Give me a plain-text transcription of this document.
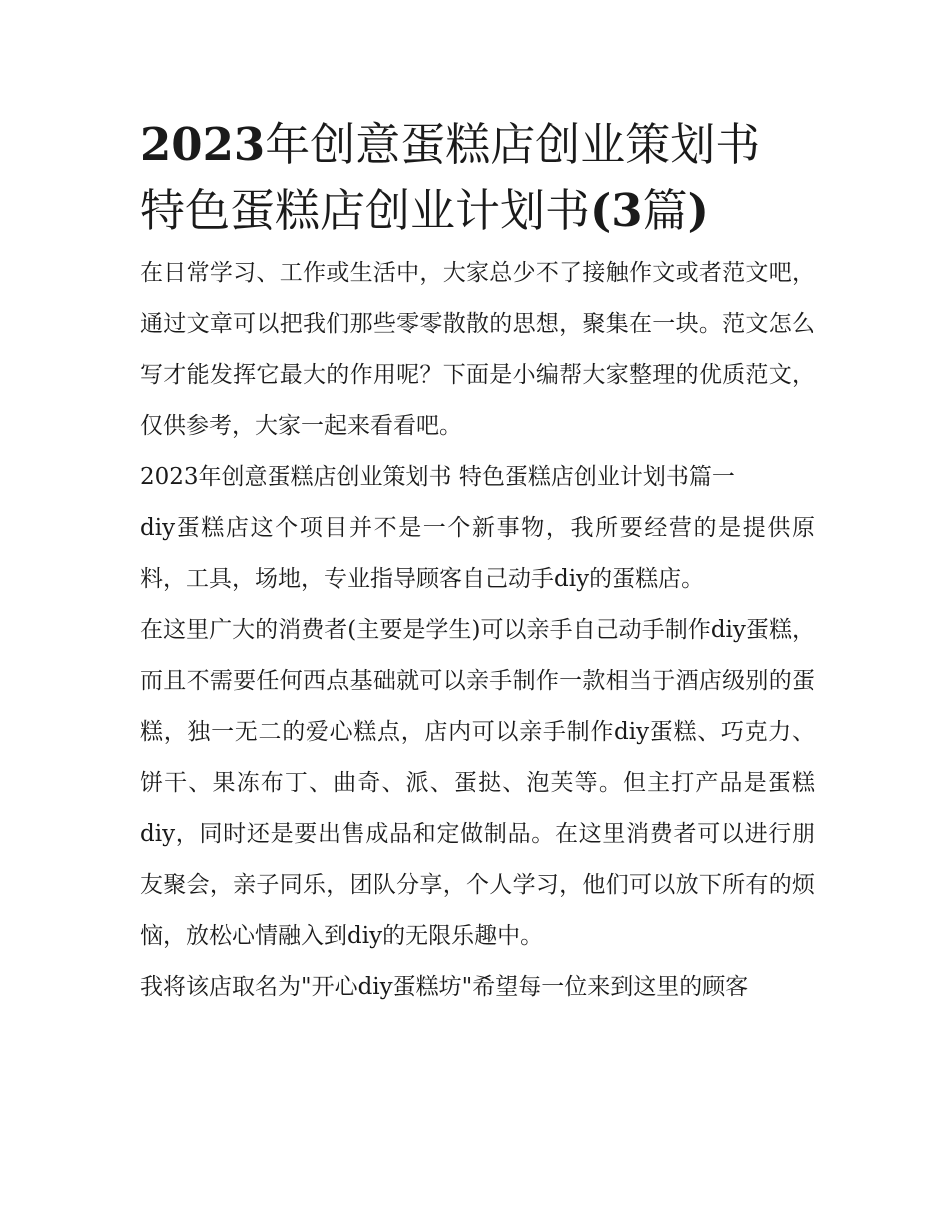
2023年创意蛋糕店创业策划书
特色蛋糕店创业计划书(3篇)

在日常学习、工作或生活中，大家总少不了接触作文或者范文吧，通过文章可以把我们那些零零散散的思想，聚集在一块。范文怎么写才能发挥它最大的作用呢？下面是小编帮大家整理的优质范文，仅供参考，大家一起来看看吧。

2023年创意蛋糕店创业策划书 特色蛋糕店创业计划书篇一

diy蛋糕店这个项目并不是一个新事物，我所要经营的是提供原料，工具，场地，专业指导顾客自己动手diy的蛋糕店。

在这里广大的消费者(主要是学生)可以亲手自己动手制作diy蛋糕，而且不需要任何西点基础就可以亲手制作一款相当于酒店级别的蛋糕，独一无二的爱心糕点，店内可以亲手制作diy蛋糕、巧克力、饼干、果冻布丁、曲奇、派、蛋挞、泡芙等。但主打产品是蛋糕diy，同时还是要出售成品和定做制品。在这里消费者可以进行朋友聚会，亲子同乐，团队分享，个人学习，他们可以放下所有的烦恼，放松心情融入到diy的无限乐趣中。

我将该店取名为"开心diy蛋糕坊"希望每一位来到这里的顾客
